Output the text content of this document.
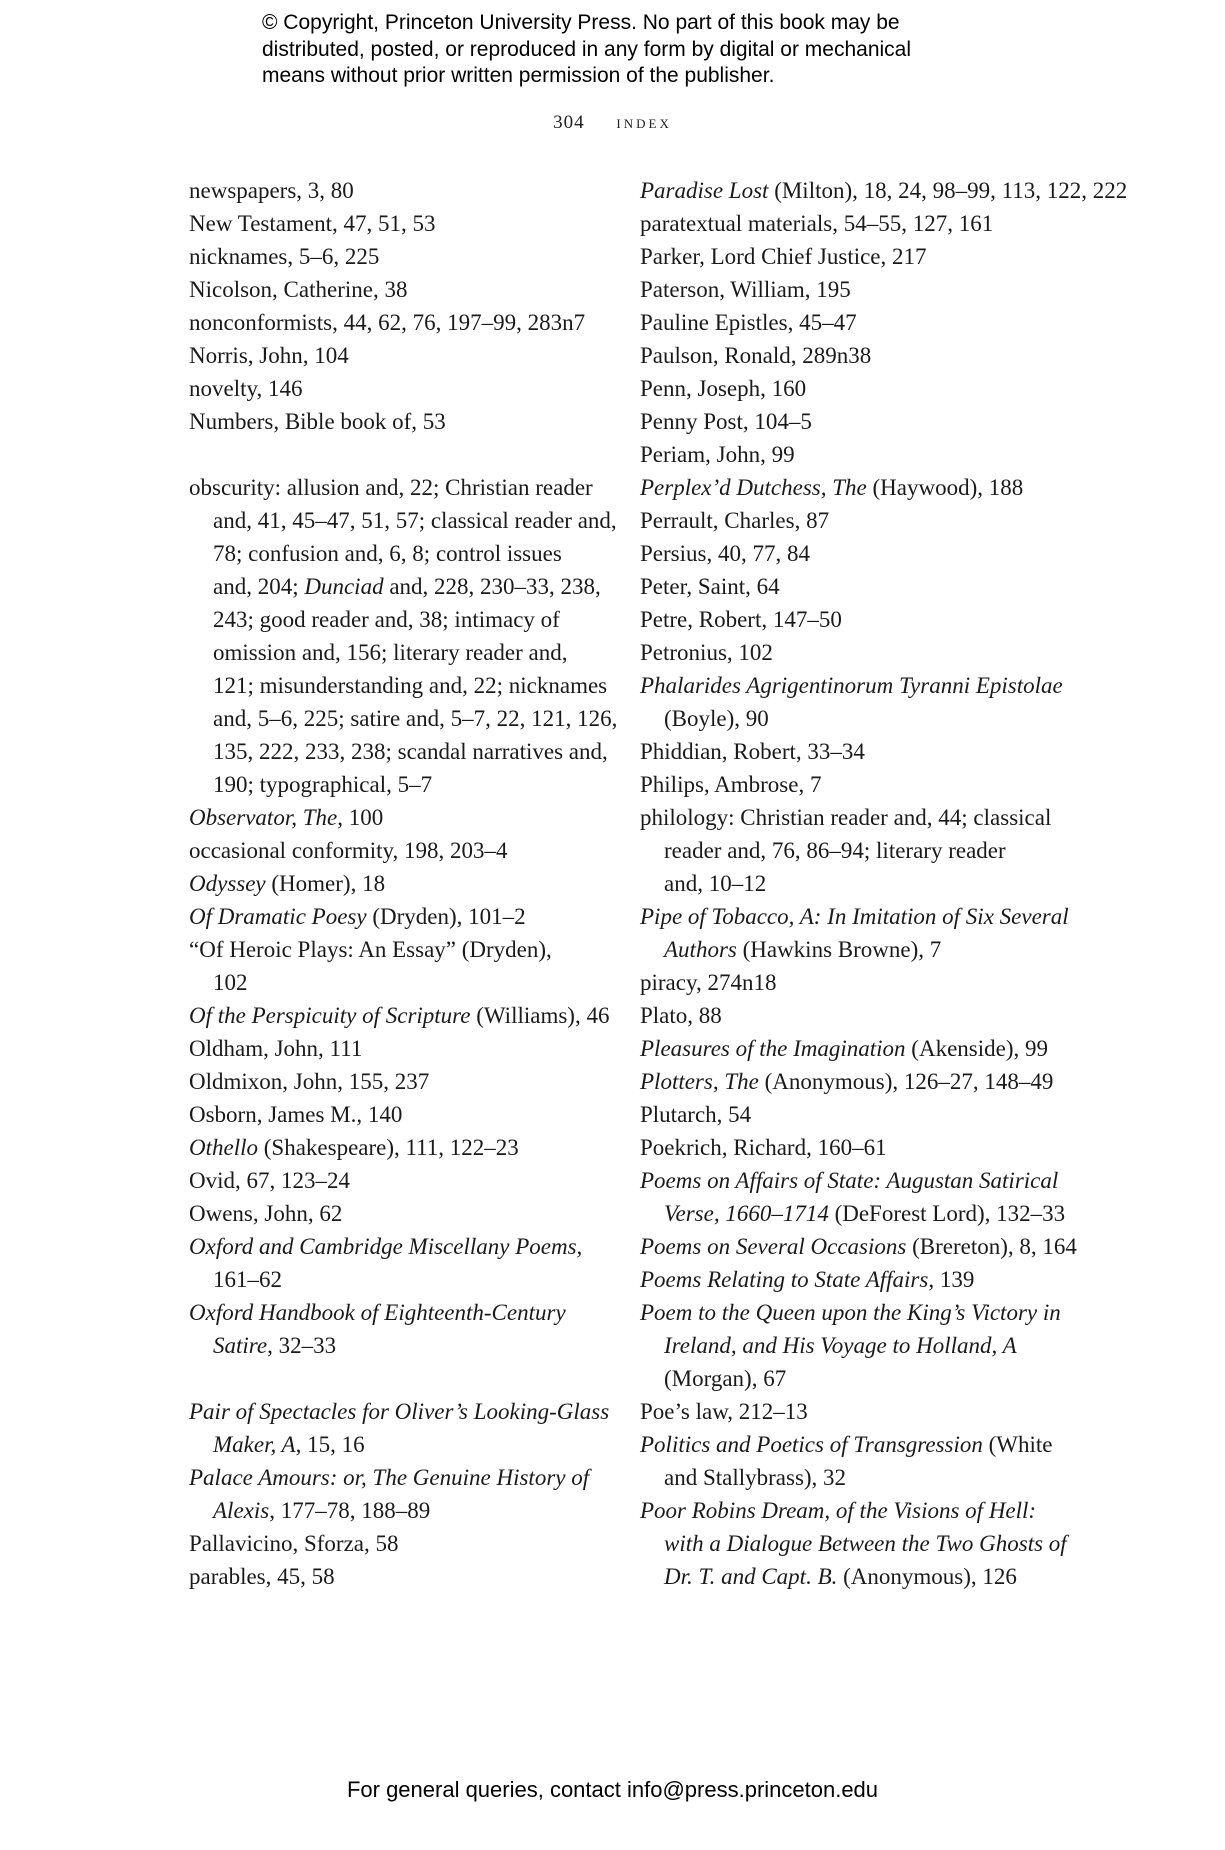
© Copyright, Princeton University Press. No part of this book may be
distributed, posted, or reproduced in any form by digital or mechanical
means without prior written permission of the publisher.
304 index
newspapers, 3, 80
New Testament, 47, 51, 53
nicknames, 5–6, 225
Nicolson, Catherine, 38
nonconformists, 44, 62, 76, 197–99, 283n7
Norris, John, 104
novelty, 146
Numbers, Bible book of, 53
obscurity: allusion and, 22; Christian reader
and, 41, 45–47, 51, 57; classical reader and,
78; confusion and, 6, 8; control issues
and, 204; Dunciad and, 228, 230–33, 238,
243; good reader and, 38; intimacy of
omission and, 156; literary reader and,
121; misunderstanding and, 22; nicknames
and, 5–6, 225; satire and, 5–7, 22, 121, 126,
135, 222, 233, 238; scandal narratives and,
190; typographical, 5–7
Observator, The, 100
occasional conformity, 198, 203–4
Odyssey (Homer), 18
Of Dramatic Poesy (Dryden), 101–2
“Of Heroic Plays: An Essay” (Dryden),
102
Of the Perspicuity of Scripture (Williams), 46
Oldham, John, 111
Oldmixon, John, 155, 237
Osborn, James M., 140
Othello (Shakespeare), 111, 122–23
Ovid, 67, 123–24
Owens, John, 62
Oxford and Cambridge Miscellany Poems,
161–62
Oxford Handbook of Eighteenth-Century
Satire, 32–33
Pair of Spectacles for Oliver’s Looking-Glass
Maker, A, 15, 16
Palace Amours: or, The Genuine History of
Alexis, 177–78, 188–89
Pallavicino, Sforza, 58
parables, 45, 58
Paradise Lost (Milton), 18, 24, 98–99, 113, 122, 222
paratextual materials, 54–55, 127, 161
Parker, Lord Chief Justice, 217
Paterson, William, 195
Pauline Epistles, 45–47
Paulson, Ronald, 289n38
Penn, Joseph, 160
Penny Post, 104–5
Periam, John, 99
Perplex’d Dutchess, The (Haywood), 188
Perrault, Charles, 87
Persius, 40, 77, 84
Peter, Saint, 64
Petre, Robert, 147–50
Petronius, 102
Phalarides Agrigentinorum Tyranni Epistolae
(Boyle), 90
Phiddian, Robert, 33–34
Philips, Ambrose, 7
philology: Christian reader and, 44; classical
reader and, 76, 86–94; literary reader
and, 10–12
Pipe of Tobacco, A: In Imitation of Six Several
Authors (Hawkins Browne), 7
piracy, 274n18
Plato, 88
Pleasures of the Imagination (Akenside), 99
Plotters, The (Anonymous), 126–27, 148–49
Plutarch, 54
Poekrich, Richard, 160–61
Poems on Affairs of State: Augustan Satirical
Verse, 1660–1714 (DeForest Lord), 132–33
Poems on Several Occasions (Brereton), 8, 164
Poems Relating to State Affairs, 139
Poem to the Queen upon the King’s Victory in
Ireland, and His Voyage to Holland, A
(Morgan), 67
Poe’s law, 212–13
Politics and Poetics of Transgression (White
and Stallybrass), 32
Poor Robins Dream, of the Visions of Hell:
with a Dialogue Between the Two Ghosts of
Dr. T. and Capt. B. (Anonymous), 126
For general queries, contact info@press.princeton.edu
